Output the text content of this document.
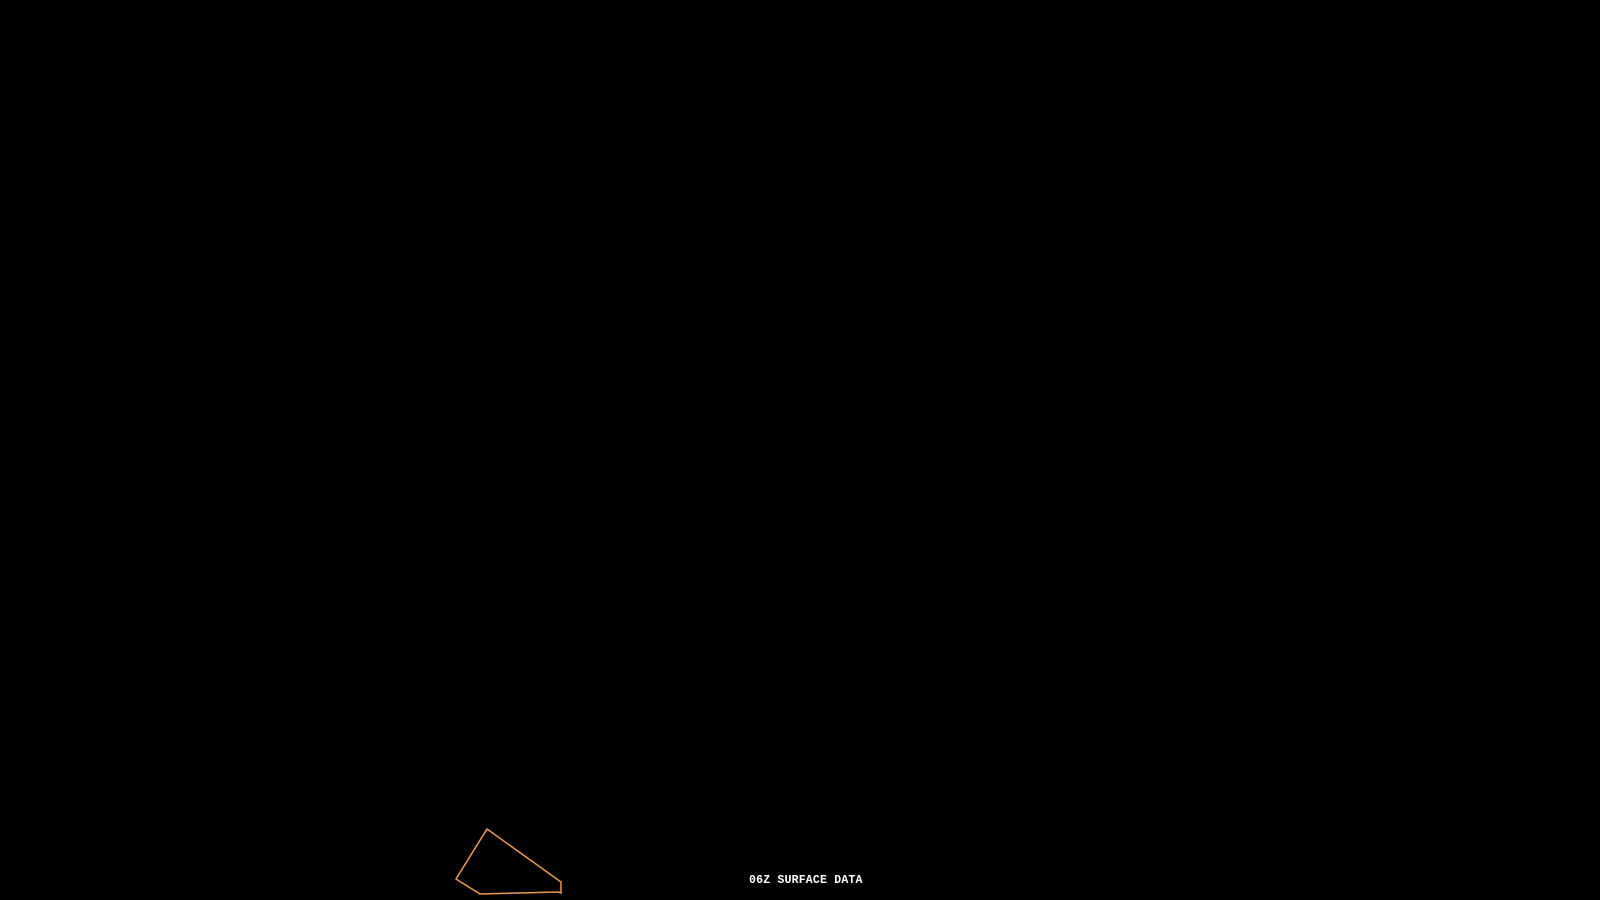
06Z SURFACE DATA
